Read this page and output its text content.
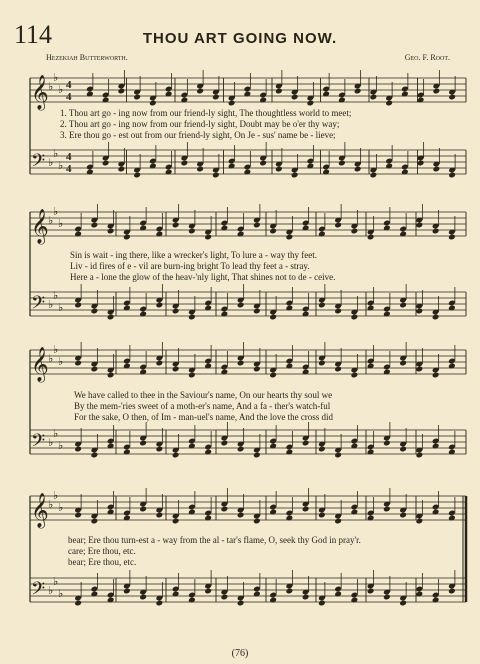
114	THOU ART GOING NOW.
Hezekiah Butterworth.	Geo. F. Root.
𝄞
𝄢
♭
♭
♭
♭
♭
♭
4
4
4
4
𝄞
𝄢
♭
♭
♭
♭
♭
♭
𝄞
𝄢
♭
♭
♭
♭
♭
♭
𝄞
𝄢
♭
♭
♭
♭
♭
♭
1. Thou art go - ing now from our friend-ly sight, The thoughtless world to meet;
2. Thou art go - ing now from our friend-ly sight, Doubt may be o'er thy way;
3. Ere thou go - est out from our friend-ly sight, On Je - sus' name be - lieve;
Sin is wait - ing there, like a wrecker's light, To lure a - way thy feet.
Liv - id fires of e - vil are burn-ing bright To lead thy feet a - stray.
Here a - lone the glow of the heav-'nly light, That shines not to de - ceive.
We have called to thee in the Saviour's name, On our hearts thy soul we
By the mem-'ries sweet of a moth-er's name, And a fa - ther's watch-ful
For the sake, O then, of Im - man-uel's name, And the love the cross did
bear; Ere thou turn-est a - way from the al - tar's flame, O, seek thy God in pray'r.
care; Ere thou, etc.
bear; Ere thou, etc.
(76)
